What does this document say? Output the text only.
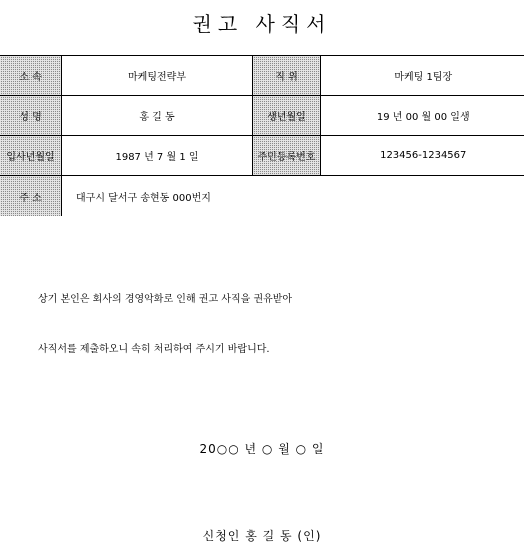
권고 사직서
소 속	마케팅전략부	직 위	마케팅 1팀장
성 명	홍 길 동	생년월일	19 년 00 월 00 일생
입사년월일	1987 년 7 월 1 일	주민등록번호	123456-1234567
주 소	대구시 달서구 송현동 000번지		
상기 본인은 회사의 경영악화로 인해 권고 사직을 권유받아
사직서를 제출하오니 속히 처리하여 주시기 바랍니다.
20○○ 년 ○ 월 ○ 일
신청인 홍 길 동 (인)
